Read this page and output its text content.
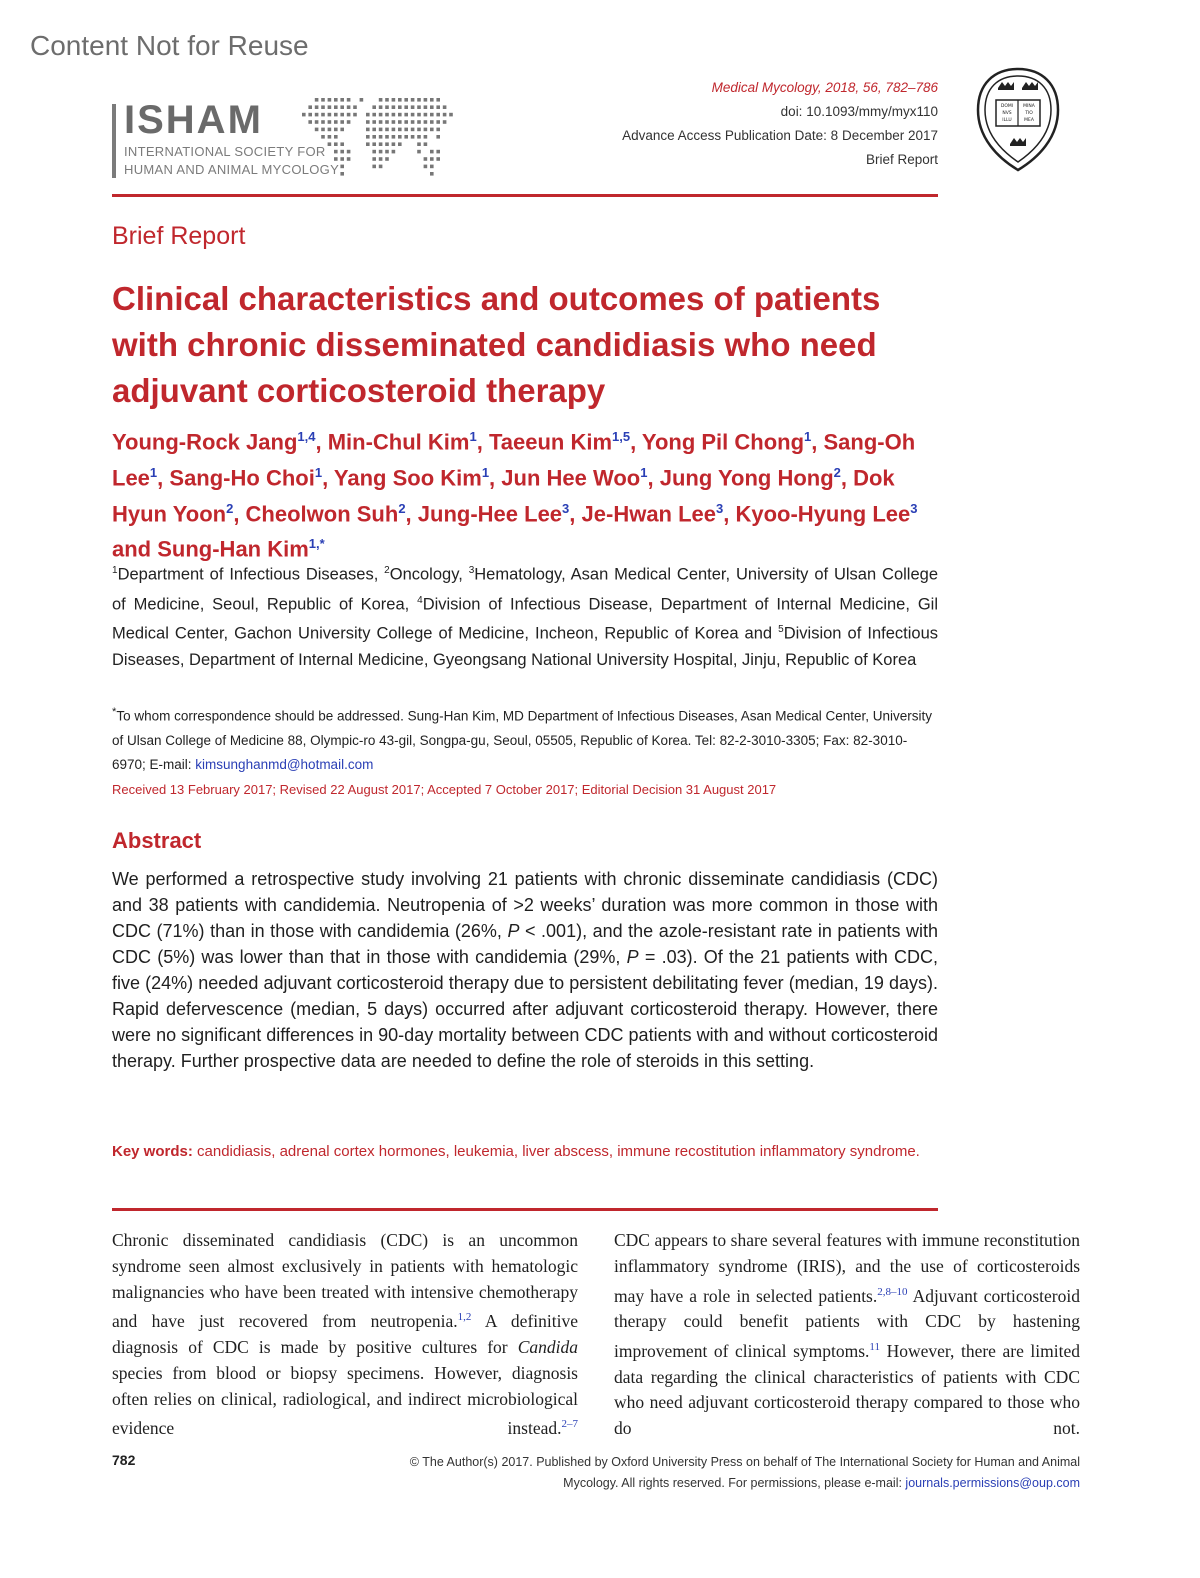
Content Not for Reuse
ISHAM
INTERNATIONAL SOCIETY FOR
HUMAN AND ANIMAL MYCOLOGY
Medical Mycology, 2018, 56, 782–786
doi: 10.1093/mmy/myx110
Advance Access Publication Date: 8 December 2017
Brief Report
DOMI
NVS
ILLU
MINA
TIO
MEA
Brief Report
Clinical characteristics and outcomes of patients with chronic disseminated candidiasis who need adjuvant corticosteroid therapy

Young-Rock Jang$^{1,4}$, Min-Chul Kim$^1$, Taeeun Kim$^{1,5}$, Yong Pil Chong$^1$, Sang-Oh Lee$^1$, Sang-Ho Choi$^1$, Yang Soo Kim$^1$, Jun Hee Woo$^1$, Jung Yong Hong$^2$, Dok Hyun Yoon$^2$, Cheolwon Suh$^2$, Jung-Hee Lee$^3$, Je-Hwan Lee$^3$, Kyoo-Hyung Lee$^3$ and Sung-Han Kim$^{1,*}$

$^1$Department of Infectious Diseases, $^2$Oncology, $^3$Hematology, Asan Medical Center, University of Ulsan College of Medicine, Seoul, Republic of Korea, $^4$Division of Infectious Disease, Department of Internal Medicine, Gil Medical Center, Gachon University College of Medicine, Incheon, Republic of Korea and $^5$Division of Infectious Diseases, Department of Internal Medicine, Gyeongsang National University Hospital, Jinju, Republic of Korea

*To whom correspondence should be addressed. Sung-Han Kim, MD Department of Infectious Diseases, Asan Medical Center, University of Ulsan College of Medicine 88, Olympic-ro 43-gil, Songpa-gu, Seoul, 05505, Republic of Korea. Tel: 82-2-3010-3305; Fax: 82-3010-6970; E-mail: kimsunghanmd@hotmail.com

Received 13 February 2017; Revised 22 August 2017; Accepted 7 October 2017; Editorial Decision 31 August 2017
Abstract

We performed a retrospective study involving 21 patients with chronic disseminate candidiasis (CDC) and 38 patients with candidemia. Neutropenia of >2 weeks’ duration was more common in those with CDC (71%) than in those with candidemia (26%, P < .001), and the azole-resistant rate in patients with CDC (5%) was lower than that in those with candidemia (29%, P = .03). Of the 21 patients with CDC, five (24%) needed adjuvant corticosteroid therapy due to persistent debilitating fever (median, 19 days). Rapid defervescence (median, 5 days) occurred after adjuvant corticosteroid therapy. However, there were no significant differences in 90-day mortality between CDC patients with and without corticosteroid therapy. Further prospective data are needed to define the role of steroids in this setting.

Key words: candidiasis, adrenal cortex hormones, leukemia, liver abscess, immune recostitution inflammatory syndrome.

Chronic disseminated candidiasis (CDC) is an uncommon syndrome seen almost exclusively in patients with hematologic malignancies who have been treated with intensive chemotherapy and have just recovered from neutropenia.$^{1,2}$ A definitive diagnosis of CDC is made by positive cultures for Candida species from blood or biopsy specimens. However, diagnosis often relies on clinical, radiological, and indirect microbiological evidence instead.$^{2-7}$

CDC appears to share several features with immune reconstitution inflammatory syndrome (IRIS), and the use of corticosteroids may have a role in selected patients.$^{2,8-10}$ Adjuvant corticosteroid therapy could benefit patients with CDC by hastening improvement of clinical symptoms.$^{11}$ However, there are limited data regarding the clinical characteristics of patients with CDC who need adjuvant corticosteroid therapy compared to those who do not.

782	© The Author(s) 2017. Published by Oxford University Press on behalf of The International Society for Human and Animal
Mycology. All rights reserved. For permissions, please e-mail: journals.permissions@oup.com
